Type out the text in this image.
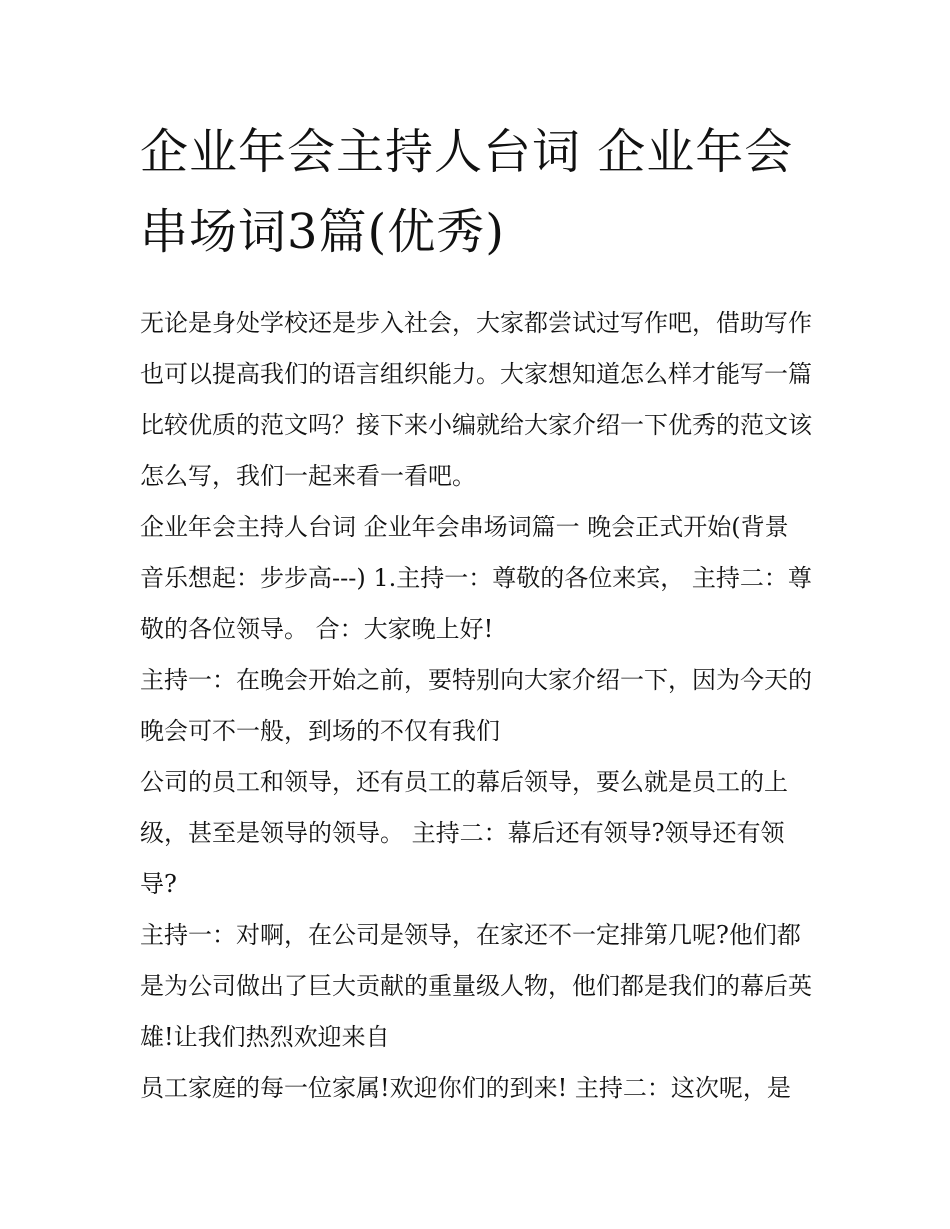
企业年会主持人台词 企业年会串场词3篇(优秀)

无论是身处学校还是步入社会，大家都尝试过写作吧，借助写作也可以提高我们的语言组织能力。大家想知道怎么样才能写一篇比较优质的范文吗？接下来小编就给大家介绍一下优秀的范文该怎么写，我们一起来看一看吧。

企业年会主持人台词 企业年会串场词篇一 晚会正式开始(背景音乐想起：步步高---) 1.主持一：尊敬的各位来宾， 主持二：尊敬的各位领导。 合：大家晚上好!

主持一：在晚会开始之前，要特别向大家介绍一下，因为今天的晚会可不一般，到场的不仅有我们

公司的员工和领导，还有员工的幕后领导，要么就是员工的上级，甚至是领导的领导。 主持二：幕后还有领导?领导还有领导?

主持一：对啊，在公司是领导，在家还不一定排第几呢?他们都是为公司做出了巨大贡献的重量级人物，他们都是我们的幕后英雄!让我们热烈欢迎来自

员工家庭的每一位家属!欢迎你们的到来! 主持二：这次呢，是
